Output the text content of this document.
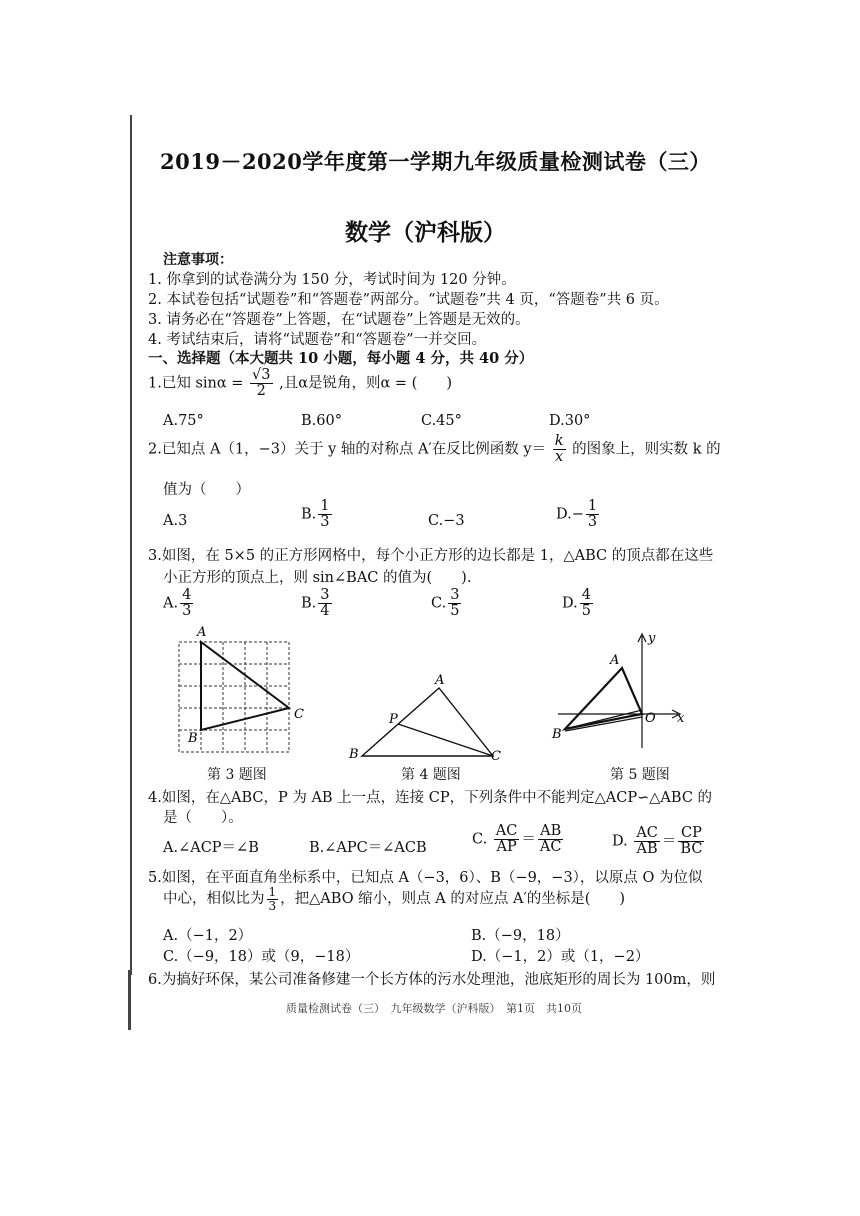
2019－2020学年度第一学期九年级质量检测试卷（三）
数学（沪科版）
注意事项：
1. 你拿到的试卷满分为 150 分，考试时间为 120 分钟。
2. 本试卷包括“试题卷”和“答题卷”两部分。“试题卷”共 4 页，“答题卷”共 6 页。
3. 请务必在“答题卷”上答题，在“试题卷”上答题是无效的。
4. 考试结束后，请将“试题卷”和“答题卷”一并交回。
一、选择题（本大题共 10 小题，每小题 4 分，共 40 分）
1.已知 $\sin\alpha = \frac{√3}{2}$ ,且α是锐角，则α = (　　)
A.75°	B.60°	C.45°	D.30°
2.已知点 A（1，−3）关于 y 轴的对称点 A′在反比例函数 $y= \frac{k}{x}$ 的图象上，则实数 k 的
值为（　　）
A.3	B. $\frac{1}{3}$	C.−3	$D.- \frac{1}{3}$
3.如图，在 5×5 的正方形网格中，每个小正方形的边长都是 1，△ABC 的顶点都在这些
小正方形的顶点上，则 sin∠BAC 的值为(　　).
A. $\frac{4}{3}$	B. $\frac{3}{4}$	C. $\frac{3}{5}$	D. $\frac{4}{5}$
A
B
C
A
P
B	C
y
A
O x
B
第 3 题图	第 4 题图	第 5 题图
4.如图，在△ABC，P 为 AB 上一点，连接 CP，下列条件中不能判定△ACP∽△ABC 的
是（　　）。
A.∠ACP＝∠B	B.∠APC＝∠ACB
C. $\frac{AC}{AP} = \frac{AB}{AC}$	D. $\frac{AC}{AB} = \frac{CP}{BC}$
5.如图，在平面直角坐标系中，已知点 A（−3，6）、B（−9，−3），以原点 O 为位似
中心，相似比为 $\frac{1}{3}$ ，把△ABO 缩小，则点 A 的对应点 A′的坐标是(　　)
A.（−1，2）	B.（−9，18）
C.（−9，18）或（9，−18）	D.（−1，2）或（1，−2）
6.为搞好环保，某公司准备修建一个长方体的污水处理池，池底矩形的周长为 100m，则
质量检测试卷（三）　九年级数学（沪科版）　第1页　共10页
